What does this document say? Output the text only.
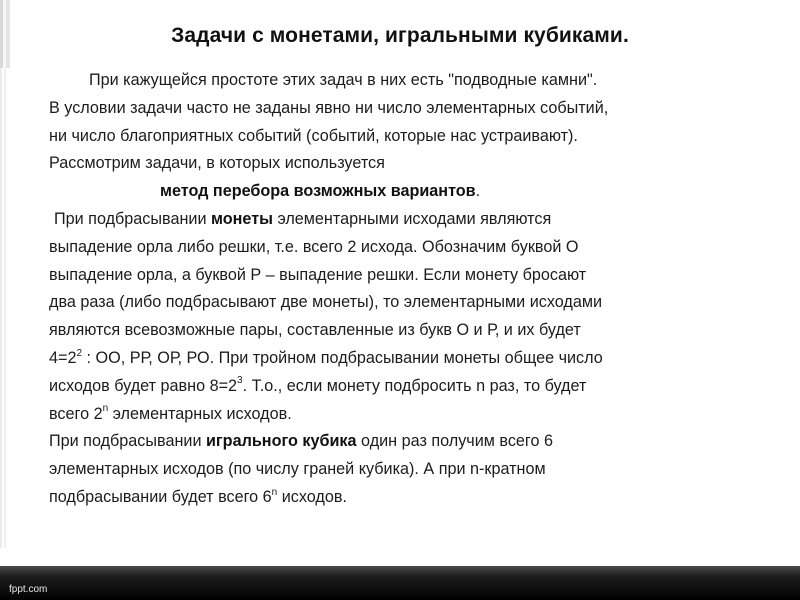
Задачи с монетами, игральными кубиками.
При кажущейся простоте этих задач в них есть "подводные камни".
В условии задачи часто не заданы явно ни число элементарных событий,
ни число благоприятных событий (событий, которые нас устраивают).
Рассмотрим задачи, в которых используется
метод перебора возможных вариантов.
При подбрасывании монеты элементарными исходами являются
выпадение орла либо решки, т.е. всего 2 исхода. Обозначим буквой О
выпадение орла, а буквой Р – выпадение решки. Если монету бросают
два раза (либо подбрасывают две монеты), то элементарными исходами
являются всевозможные пары, составленные из букв О и Р, и их будет
$4=2^2$ : ОО, РР, ОР, РО. При тройном подбрасывании монеты общее число
исходов будет равно $8=2^3$. Т.о., если монету подбросить n раз, то будет
всего 2$^n$ элементарных исходов.
При подбрасывании игрального кубика один раз получим всего 6
элементарных исходов (по числу граней кубика). А при n-кратном
подбрасывании будет всего 6$^n$ исходов.
fppt.com
